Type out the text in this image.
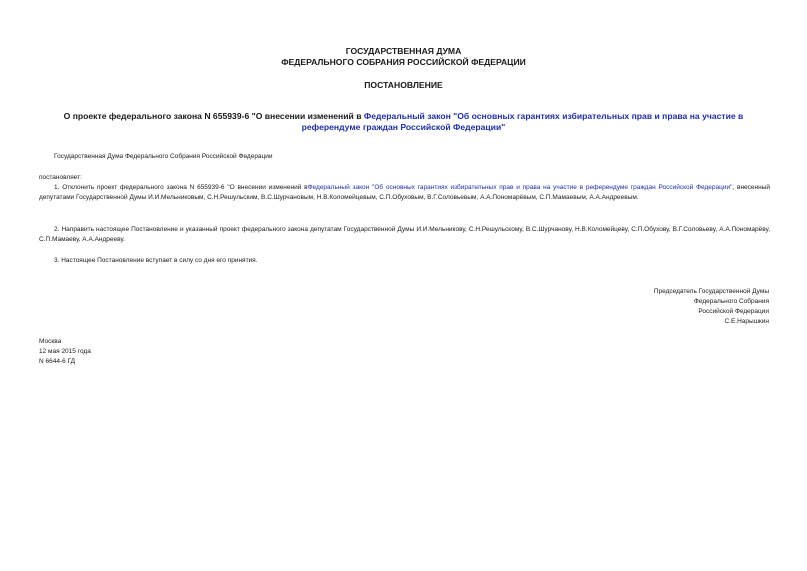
ГОСУДАРСТВЕННАЯ ДУМА
ФЕДЕРАЛЬНОГО СОБРАНИЯ РОССИЙСКОЙ ФЕДЕРАЦИИ
ПОСТАНОВЛЕНИЕ
О проекте федерального закона N 655939-6 "О внесении изменений в Федеральный закон "Об основных гарантиях избирательных прав и права на участие в референдуме граждан Российской Федерации"
Государственная Дума Федерального Собрания Российской Федерации
постановляет:
1. Отклонить проект федерального закона N 655939-6 "О внесении изменений вФедеральный закон "Об основных гарантиях избирательных прав и права на участие в референдуме граждан Российской Федерации", внесенный депутатами Государственной Думы И.И.Мельниковым, С.Н.Решульским, В.С.Шурчановым, Н.В.Коломейцевым, С.П.Обуховым, В.Г.Соловьевым, А.А.Пономарёвым, С.П.Мамаевым, А.А.Андреевым.
2. Направить настоящее Постановление и указанный проект федерального закона депутатам Государственной Думы И.И.Мельникову, С.Н.Решульскому, В.С.Шурчанову, Н.В.Коломейцеву, С.П.Обухову, В.Г.Соловьеву, А.А.Пономарёву, С.П.Мамаеву, А.А.Андрееву.
3. Настоящее Постановление вступает в силу со дня его принятия.
Председатель Государственной Думы
Федерального Собрания
Российской Федерации
С.Е.Нарышкин
Москва
12 мая 2015 года
N 6644-6 ГД
